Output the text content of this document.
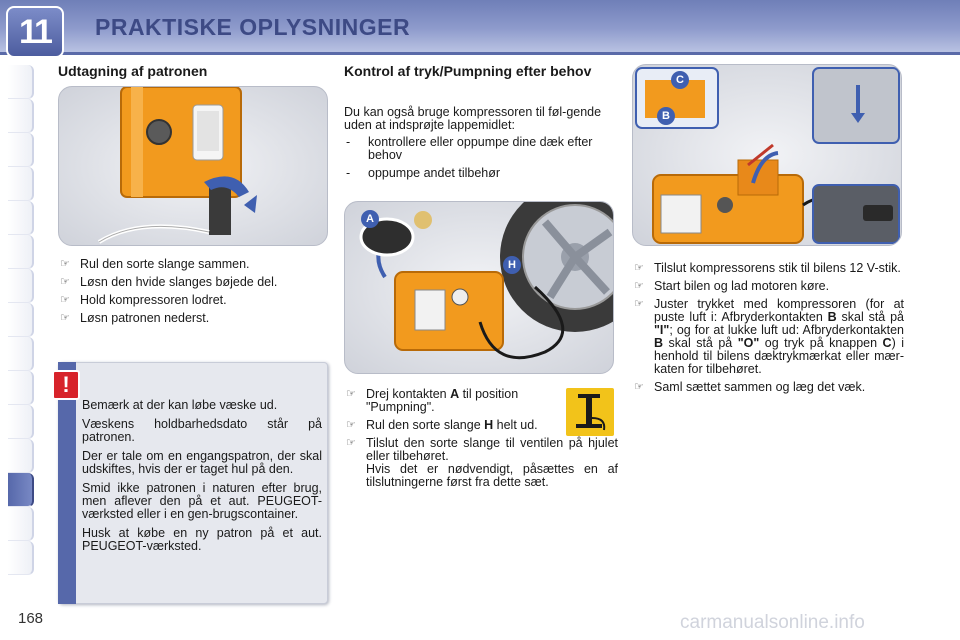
11	PRAKTISKE OPLYSNINGER
Udtagning af patronen
☞ Rul den sorte slange sammen.
☞ Løsn den hvide slanges bøjede del.
☞ Hold kompressoren lodret.
☞ Løsn patronen nederst.
!

Bemærk at der kan løbe væske ud.

Væskens holdbarhedsdato står på patronen.

Der er tale om en engangspatron, der skal udskiftes, hvis der er taget hul på den.

Smid ikke patronen i naturen efter brug, men aflever den på et aut. PEUGEOT-værksted eller i en gen-brugscontainer.

Husk at købe en ny patron på et aut. PEUGEOT-værksted.

Kontrol af tryk/Pumpning efter behov

Du kan også bruge kompressoren til føl-gende uden at indsprøjte lappemidlet:

- kontrollere eller oppumpe dine dæk efter behov
- oppumpe andet tilbehør
A
H
☞ Drej kontakten A til position "Pumpning".
☞ Rul den sorte slange H helt ud.
☞ Tilslut den sorte slange til ventilen på hjulet eller tilbehøret.
Hvis det er nødvendigt, påsættes en af tilslutningerne først fra dette sæt.
C
B
☞ Tilslut kompressorens stik til bilens 12 V-stik.
☞ Start bilen og lad motoren køre.
☞ Juster trykket med kompressoren (for at puste luft i: Afbryderkontakten B skal stå på "I"; og for at lukke luft ud: Afbryderkontakten B skal stå på "O" og tryk på knappen C) i henhold til bilens dæktrykmærkat eller mær-katen for tilbehøret.
☞ Saml sættet sammen og læg det væk.
168	carmanualsonline.info
